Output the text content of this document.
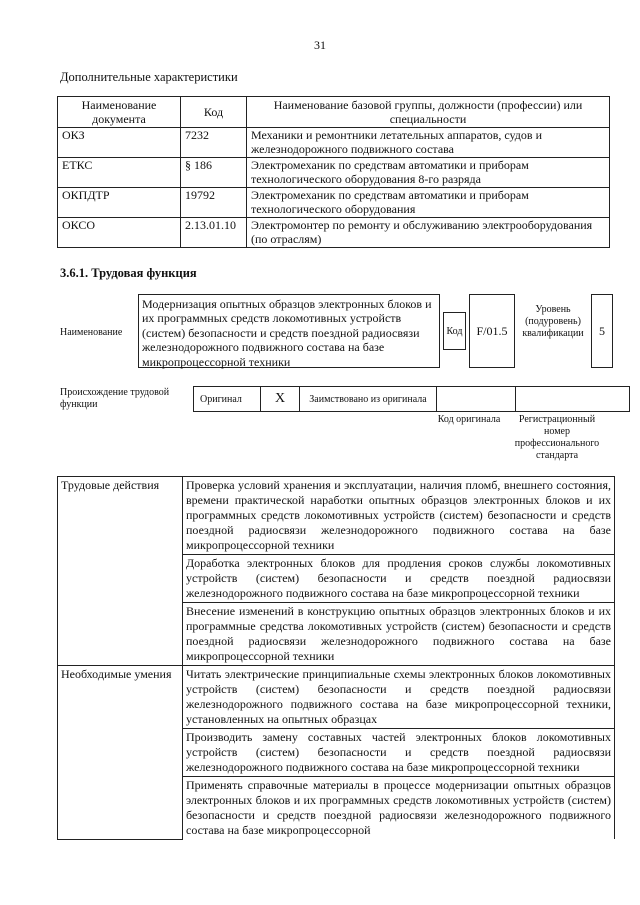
31
Дополнительные характеристики
Наименование документа	Код	Наименование базовой группы, должности (профессии) или специальности
ОКЗ	7232	Механики и ремонтники летательных аппаратов, судов и железнодорожного подвижного состава
ЕТКС	§ 186	Электромеханик по средствам автоматики и приборам технологического оборудования 8-го разряда
ОКПДТР	19792	Электромеханик по средствам автоматики и приборам технологического оборудования
ОКСО	2.13.01.10	Электромонтер по ремонту и обслуживанию электрооборудования (по отраслям)
3.6.1. Трудовая функция
Наименование
Модернизация опытных образцов электронных блоков и их программных средств локомотивных устройств (систем) безопасности и средств поездной радиосвязи железнодорожного подвижного состава на базе микропроцессорной техники
Код	F/01.5
Уровень (подуровень) квалификации	5
Происхождение трудовой функции	Оригинал	X	Заимствовано из оригинала		
Код оригинала	Регистрационный номер профессионального стандарта
Трудовые действия	Проверка условий хранения и эксплуатации, наличия пломб, внешнего состояния, времени практической наработки опытных образцов электронных блоков и их программных средств локомотивных устройств (систем) безопасности и средств поездной радиосвязи железнодорожного подвижного состава на базе микропроцессорной техники
	Доработка электронных блоков для продления сроков службы локомотивных устройств (систем) безопасности и средств поездной радиосвязи железнодорожного подвижного состава на базе микропроцессорной техники
	Внесение изменений в конструкцию опытных образцов электронных блоков и их программные средства локомотивных устройств (систем) безопасности и средств поездной радиосвязи железнодорожного подвижного состава на базе микропроцессорной техники
Необходимые умения	Читать электрические принципиальные схемы электронных блоков локомотивных устройств (систем) безопасности и средств поездной радиосвязи железнодорожного подвижного состава на базе микропроцессорной техники, установленных на опытных образцах
	Производить замену составных частей электронных блоков локомотивных устройств (систем) безопасности и средств поездной радиосвязи железнодорожного подвижного состава на базе микропроцессорной техники
	Применять справочные материалы в процессе модернизации опытных образцов электронных блоков и их программных средств локомотивных устройств (систем) безопасности и средств поездной радиосвязи железнодорожного подвижного состава на базе микропроцессорной
